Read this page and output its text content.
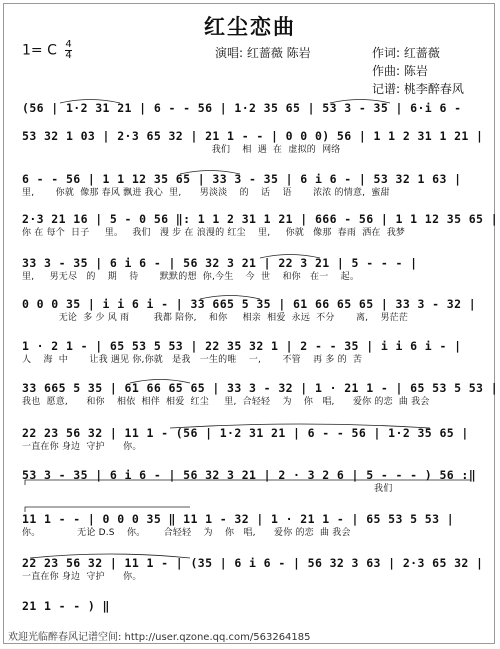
红尘恋曲
1= C $\frac{4}{4}$	演唱: 红蔷薇 陈岩	作词: 红蔷薇
作曲: 陈岩
记谱: 桃李醉春风
(56 | 1·2 31 21 | 6 - - 56 | 1·2 35 65 | 53 3 - 35 | 6·i 6 -
53 32 1 03 | 2·3 65 32 | 21 1 - - | 0 0 0) 56 | 1 1 2 31 1 21 |
我们    相  遇  在  虚拟的  网络
6 - - 56 | 1 1 12 35 65 | 33 3 - 35 | 6 i 6 - | 53 32 1 63 |
里,       你就  像那 春风 飘进 我心  里,      男淡淡    的    话    语       浓浓 的情意,  蜜甜
2·3 21 16 | 5 - 0 56 ‖: 1 1 2 31 1 21 | 666 - 56 | 1 1 12 35 65 |
你 在 每个  日子     里。   我们   漫 步 在 浪漫的 红尘    里,     你就   像那  春雨  洒在  我梦
33 3 - 35 | 6 i 6 - | 56 32 3 21 | 22 3 21 | 5 - - - |
里,     男无尽   的    期    待       默默的想  你,今生    今  世    和你   在一    起。
0 0 0 35 | i i 6 i - | 33 665 5 35 | 61 66 65 65 | 33 3 - 32 |
无论  多 少 风 雨        我都 陪你,    和你     相亲  相爱  永远  不分       离,    男茫茫
1 · 2 1 - | 65 53 5 53 | 22 35 32 1 | 2 - - 35 | i i 6 i - |
人    海  中       让我 遇见 你,你就   是我   一生的唯    一,       不管    再 多 的  苦
33 665 5 35 | 61 66 65 65 | 33 3 - 32 | 1 · 21 1 - | 65 53 5 53 |
我也  愿意,      和你    相依  相伴  相爱  红尘     里,  合轻轻    为    你   唱,      爱你 的恋  曲 我会
22 23 56 32 | 11 1 - (56 | 1·2 31 21 | 6 - - 56 | 1·2 35 65 |
一直在你 身边  守护      你。
53 3 - 35 | 6 i 6 - | 56 32 3 21 | 2 · 3 2 6 | 5 - - - ) 56 :‖
我们
11 1 - - | 0 0 0 35 ‖ 11 1 - 32 | 1 · 21 1 - | 65 53 5 53 |
你。            无论 D.S    你。      合轻轻    为    你   唱,      爱你 的恋  曲 我会
22 23 56 32 | 11 1 - | (35 | 6 i 6 - | 56 32 3 63 | 2·3 65 32 |
一直在你 身边  守护      你。
21 1 - - ) ‖
欢迎光临醉春风记谱空间: http://user.qzone.qq.com/563264185
